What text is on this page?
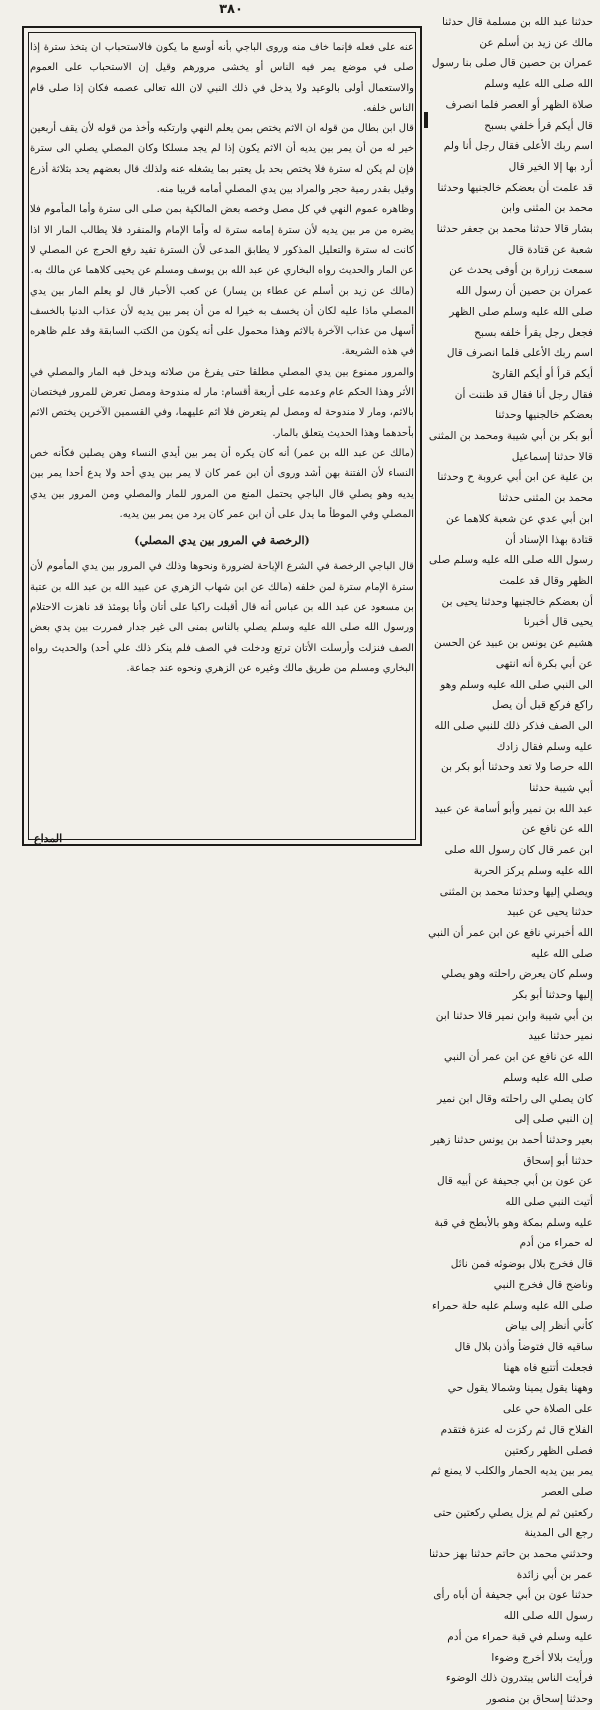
٣٨٠

عنه على فعله فإنما خاف منه وروى الباجي بأنه أوسع ما يكون فالاستحباب ان يتخذ سترة إذا صلى في موضع يمر فيه الناس أو يخشى مرورهم وقيل إن الاستحباب على العموم والاستعمال أولى بالوعيد ولا يدخل في ذلك النبي لان الله تعالى عصمه فكان إذا صلى قام الناس خلفه.

قال ابن بطال من قوله ان الاثم يختص بمن يعلم النهي وارتكبه وأخذ من قوله لأن يقف أربعين خير له من أن يمر بين يديه أن الاثم يكون إذا لم يجد مسلكا وكان المصلي يصلي الى سترة فإن لم يكن له سترة فلا يختص بحد بل يعتبر بما يشغله عنه ولذلك قال بعضهم يحد بثلاثة أذرع وقيل بقدر رمية حجر والمراد بين يدي المصلي أمامه قريبا منه.

وظاهره عموم النهي في كل مصل وخصه بعض المالكية بمن صلى الى سترة وأما المأموم فلا يضره من مر بين يديه لأن سترة إمامه سترة له وأما الإمام والمنفرد فلا يطالب المار الا اذا كانت له سترة والتعليل المذكور لا يطابق المدعى لأن السترة تفيد رفع الحرج عن المصلي لا عن المار والحديث رواه البخاري عن عبد الله بن يوسف ومسلم عن يحيى كلاهما عن مالك به.

(مالك عن زيد بن أسلم عن عطاء بن يسار) عن كعب الأحبار قال لو يعلم المار بين يدي المصلي ماذا عليه لكان أن يخسف به خيرا له من أن يمر بين يديه لأن عذاب الدنيا بالخسف أسهل من عذاب الآخرة بالاثم وهذا محمول على أنه يكون من الكتب السابقة وقد علم ظاهره في هذه الشريعة.

والمرور ممنوع بين يدي المصلي مطلقا حتى يفرغ من صلاته ويدخل فيه المار والمصلي في الأثر وهذا الحكم عام وعدمه على أربعة أقسام: مار له مندوحة ومصل تعرض للمرور فيختصان بالاثم، ومار لا مندوحة له ومصل لم يتعرض فلا اثم عليهما، وفي القسمين الآخرين يختص الاثم بأحدهما وهذا الحديث يتعلق بالمار.

(مالك عن عبد الله بن عمر) أنه كان يكره أن يمر بين أيدي النساء وهن يصلين فكأنه خص النساء لأن الفتنة بهن أشد وروى أن ابن عمر كان لا يمر بين يدي أحد ولا يدع أحدا يمر بين يديه وهو يصلي قال الباجي يحتمل المنع من المرور للمار والمصلي ومن المرور بين يدي المصلي وفي الموطأ ما يدل على أن ابن عمر كان يرد من يمر بين يديه.

(الرخصة في المرور بين يدي المصلي)

قال الباجي الرخصة في الشرع الإباحة لضرورة ونحوها وذلك في المرور بين يدي المأموم لأن سترة الإمام سترة لمن خلفه (مالك عن ابن شهاب الزهري عن عبيد الله بن عبد الله بن عتبة بن مسعود عن عبد الله بن عباس أنه قال أقبلت راكبا على أتان وأنا يومئذ قد ناهزت الاحتلام ورسول الله صلى الله عليه وسلم يصلي بالناس بمنى الى غير جدار فمررت بين يدي بعض الصف فنزلت وأرسلت الأتان ترتع ودخلت في الصف فلم ينكر ذلك علي أحد) والحديث رواه البخاري ومسلم من طريق مالك وغيره عن الزهري ونحوه عند جماعة.

المداع

حدثنا عبد الله بن مسلمة قال حدثنا مالك عن زيد بن أسلم عن

عمران بن حصين قال صلى بنا رسول الله صلى الله عليه وسلم

صلاة الظهر أو العصر فلما انصرف قال أيكم قرأ خلفي بسبح

اسم ربك الأعلى فقال رجل أنا ولم أرد بها إلا الخير قال

قد علمت أن بعضكم خالجنيها وحدثنا محمد بن المثنى وابن

بشار قالا حدثنا محمد بن جعفر حدثنا شعبة عن قتادة قال

سمعت زرارة بن أوفى يحدث عن عمران بن حصين أن رسول الله

صلى الله عليه وسلم صلى الظهر فجعل رجل يقرأ خلفه بسبح

اسم ربك الأعلى فلما انصرف قال أيكم قرأ أو أيكم القارئ

فقال رجل أنا فقال قد ظننت أن بعضكم خالجنيها وحدثنا

أبو بكر بن أبي شيبة ومحمد بن المثنى قالا حدثنا إسماعيل

بن علية عن ابن أبي عروبة ح وحدثنا محمد بن المثنى حدثنا

ابن أبي عدي عن شعبة كلاهما عن قتادة بهذا الإسناد أن

رسول الله صلى الله عليه وسلم صلى الظهر وقال قد علمت

أن بعضكم خالجنيها وحدثنا يحيى بن يحيى قال أخبرنا

هشيم عن يونس بن عبيد عن الحسن عن أبي بكرة أنه انتهى

الى النبي صلى الله عليه وسلم وهو راكع فركع قبل أن يصل

الى الصف فذكر ذلك للنبي صلى الله عليه وسلم فقال زادك

الله حرصا ولا تعد وحدثنا أبو بكر بن أبي شيبة حدثنا

عبد الله بن نمير وأبو أسامة عن عبيد الله عن نافع عن

ابن عمر قال كان رسول الله صلى الله عليه وسلم يركز الحربة

ويصلي إليها وحدثنا محمد بن المثنى حدثنا يحيى عن عبيد

الله أخبرني نافع عن ابن عمر أن النبي صلى الله عليه

وسلم كان يعرض راحلته وهو يصلي إليها وحدثنا أبو بكر

بن أبي شيبة وابن نمير قالا حدثنا ابن نمير حدثنا عبيد

الله عن نافع عن ابن عمر أن النبي صلى الله عليه وسلم

كان يصلي الى راحلته وقال ابن نمير إن النبي صلى إلى

بعير وحدثنا أحمد بن يونس حدثنا زهير حدثنا أبو إسحاق

عن عون بن أبي جحيفة عن أبيه قال أتيت النبي صلى الله

عليه وسلم بمكة وهو بالأبطح في قبة له حمراء من أدم

قال فخرج بلال بوضوئه فمن نائل وناضح قال فخرج النبي

صلى الله عليه وسلم عليه حلة حمراء كأني أنظر إلى بياض

ساقيه قال فتوضأ وأذن بلال قال فجعلت أتتبع فاه ههنا

وههنا يقول يمينا وشمالا يقول حي على الصلاة حي على

الفلاح قال ثم ركزت له عنزة فتقدم فصلى الظهر ركعتين

يمر بين يديه الحمار والكلب لا يمنع ثم صلى العصر

ركعتين ثم لم يزل يصلي ركعتين حتى رجع الى المدينة

وحدثني محمد بن حاتم حدثنا بهز حدثنا عمر بن أبي زائدة

حدثنا عون بن أبي جحيفة أن أباه رأى رسول الله صلى الله

عليه وسلم في قبة حمراء من أدم ورأيت بلالا أخرج وضوءا

فرأيت الناس يبتدرون ذلك الوضوء وحدثنا إسحاق بن منصور
